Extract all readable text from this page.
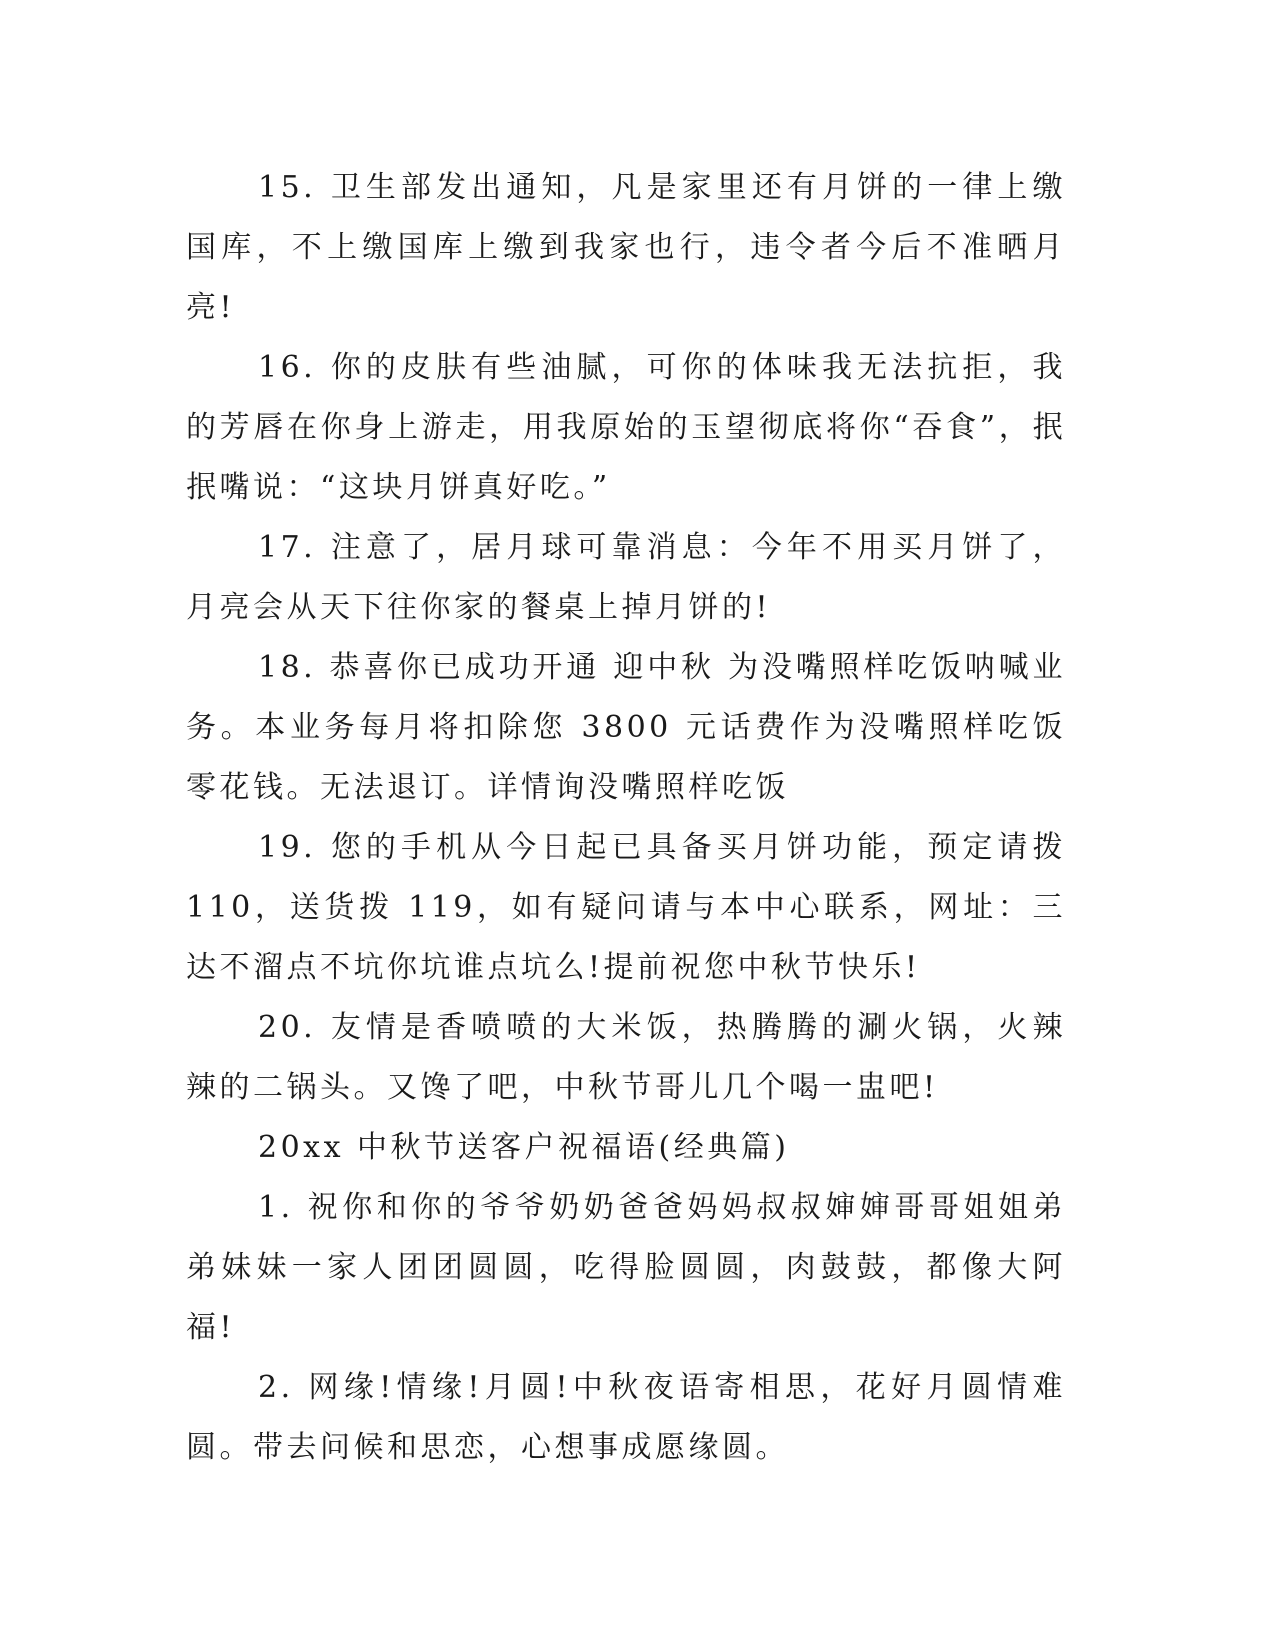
15. 卫生部发出通知，凡是家里还有月饼的一律上缴国库，不上缴国库上缴到我家也行，违令者今后不准晒月亮!

16. 你的皮肤有些油腻，可你的体味我无法抗拒，我的芳唇在你身上游走，用我原始的玉望彻底将你“吞食”，抿抿嘴说：“这块月饼真好吃。”

17. 注意了，居月球可靠消息：今年不用买月饼了，月亮会从天下往你家的餐桌上掉月饼的!

18. 恭喜你已成功开通 迎中秋 为没嘴照样吃饭呐喊业务。本业务每月将扣除您 3800 元话费作为没嘴照样吃饭零花钱。无法退订。详情询没嘴照样吃饭

19. 您的手机从今日起已具备买月饼功能，预定请拨 110，送货拨 119，如有疑问请与本中心联系，网址：三达不溜点不坑你坑谁点坑么!提前祝您中秋节快乐!

20. 友情是香喷喷的大米饭，热腾腾的涮火锅，火辣辣的二锅头。又馋了吧，中秋节哥儿几个喝一盅吧!

20xx 中秋节送客户祝福语(经典篇)

1. 祝你和你的爷爷奶奶爸爸妈妈叔叔婶婶哥哥姐姐弟弟妹妹一家人团团圆圆，吃得脸圆圆，肉鼓鼓，都像大阿福!

2. 网缘!情缘!月圆!中秋夜语寄相思，花好月圆情难圆。带去问候和思恋，心想事成愿缘圆。
